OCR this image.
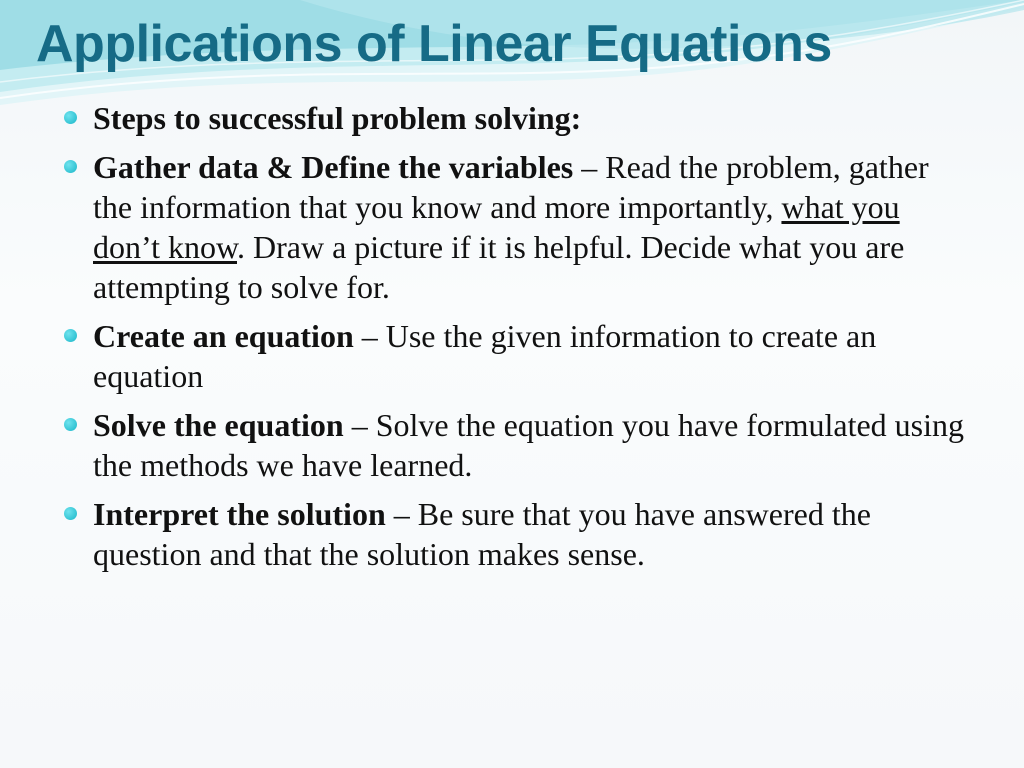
Applications of Linear Equations
Steps to successful problem solving:
Gather data & Define the variables – Read the problem, gather the information that you know and more importantly, what you don’t know. Draw a picture if it is helpful. Decide what you are attempting to solve for.
Create an equation – Use the given information to create an equation
Solve the equation – Solve the equation you have formulated using the methods we have learned.
Interpret the solution – Be sure that you have answered the question and that the solution makes sense.
